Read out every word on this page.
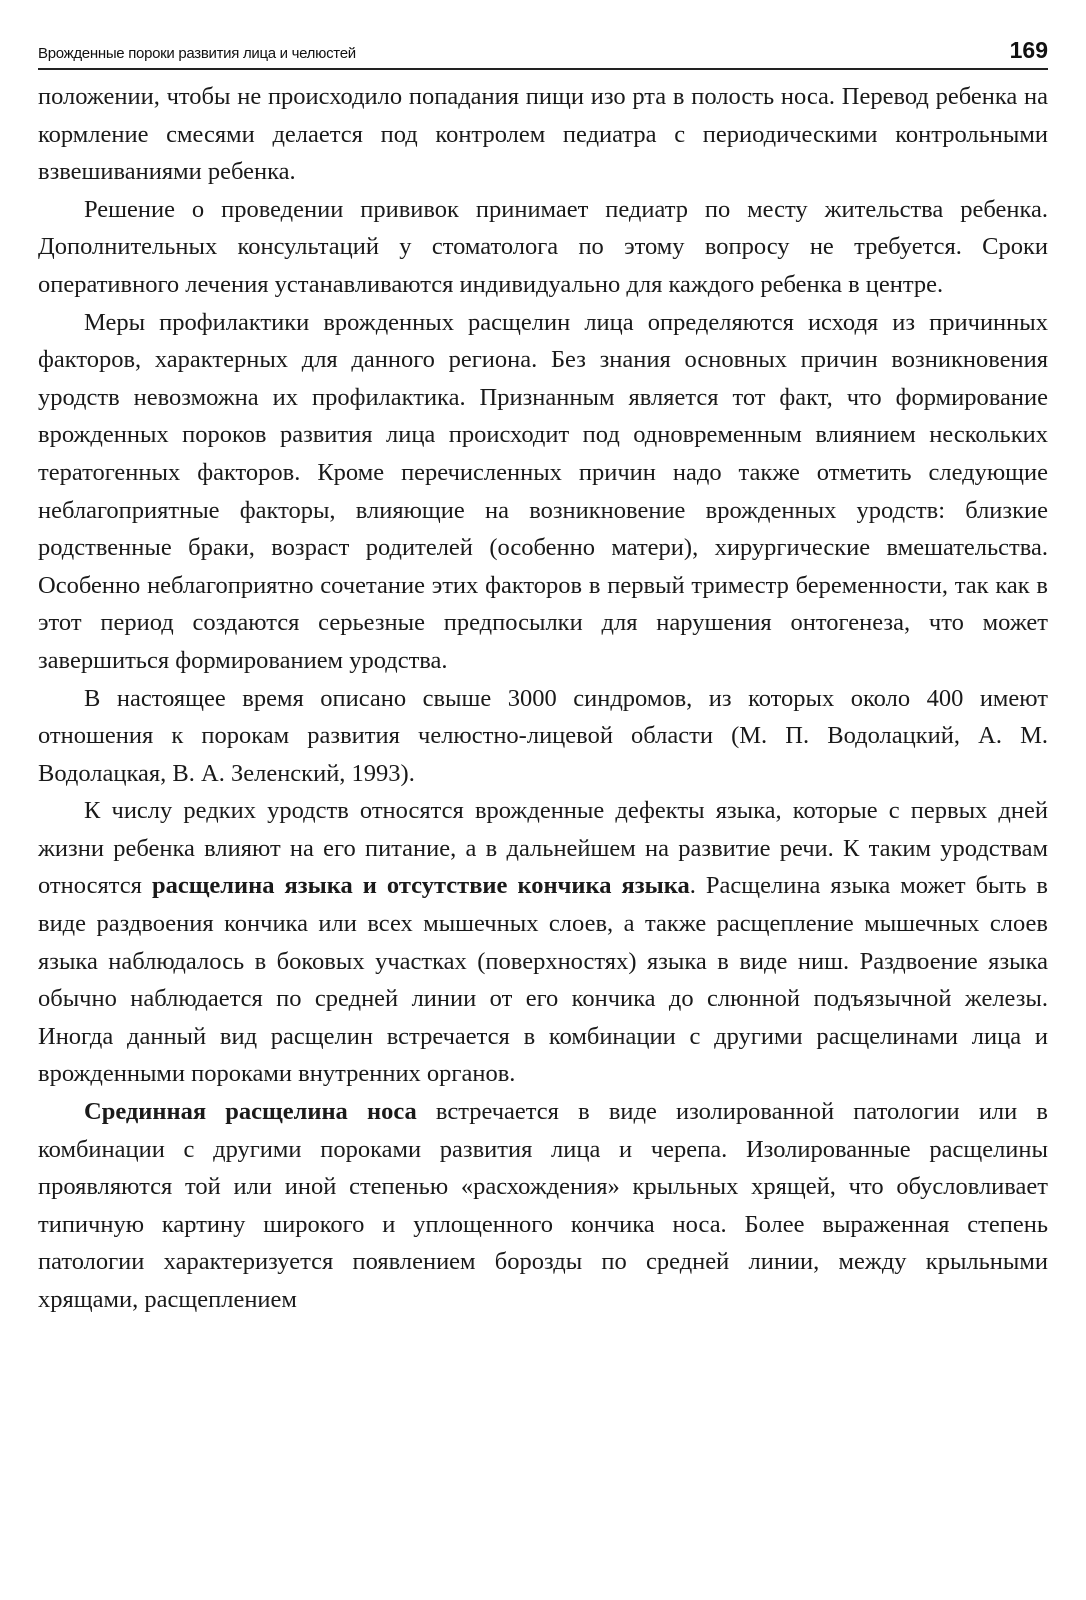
Врожденные пороки развития лица и челюстей	169

положении, чтобы не происходило попадания пищи изо рта в полость носа. Перевод ребенка на кормление смесями делается под контролем педиатра с периодическими контрольными взвешиваниями ребенка.

Решение о проведении прививок принимает педиатр по месту жительства ребенка. Дополнительных консультаций у стоматолога по этому вопросу не требуется. Сроки оперативного лечения устанавливаются индивидуально для каждого ребенка в центре.

Меры профилактики врожденных расщелин лица определяются исходя из причинных факторов, характерных для данного региона. Без знания основных причин возникновения уродств невозможна их профилактика. Признанным является тот факт, что формирование врожденных пороков развития лица происходит под одновременным влиянием нескольких тератогенных факторов. Кроме перечисленных причин надо также отметить следующие неблагоприятные факторы, влияющие на возникновение врожденных уродств: близкие родственные браки, возраст родителей (особенно матери), хирургические вмешательства. Особенно неблагоприятно сочетание этих факторов в первый триместр беременности, так как в этот период создаются серьезные предпосылки для нарушения онтогенеза, что может завершиться формированием уродства.

В настоящее время описано свыше 3000 синдромов, из которых около 400 имеют отношения к порокам развития челюстно-лицевой области (М. П. Водолацкий, А. М. Водолацкая, В. А. Зеленский, 1993).

К числу редких уродств относятся врожденные дефекты языка, которые с первых дней жизни ребенка влияют на его питание, а в дальнейшем на развитие речи. К таким уродствам относятся расщелина языка и отсутствие кончика языка. Расщелина языка может быть в виде раздвоения кончика или всех мышечных слоев, а также расщепление мышечных слоев языка наблюдалось в боковых участках (поверхностях) языка в виде ниш. Раздвоение языка обычно наблюдается по средней линии от его кончика до слюнной подъязычной железы. Иногда данный вид расщелин встречается в комбинации с другими расщелинами лица и врожденными пороками внутренних органов.

Срединная расщелина носа встречается в виде изолированной патологии или в комбинации с другими пороками развития лица и черепа. Изолированные расщелины проявляются той или иной степенью «расхождения» крыльных хрящей, что обусловливает типичную картину широкого и уплощенного кончика носа. Более выраженная степень патологии характеризуется появлением борозды по средней линии, между крыльными хрящами, расщеплением
